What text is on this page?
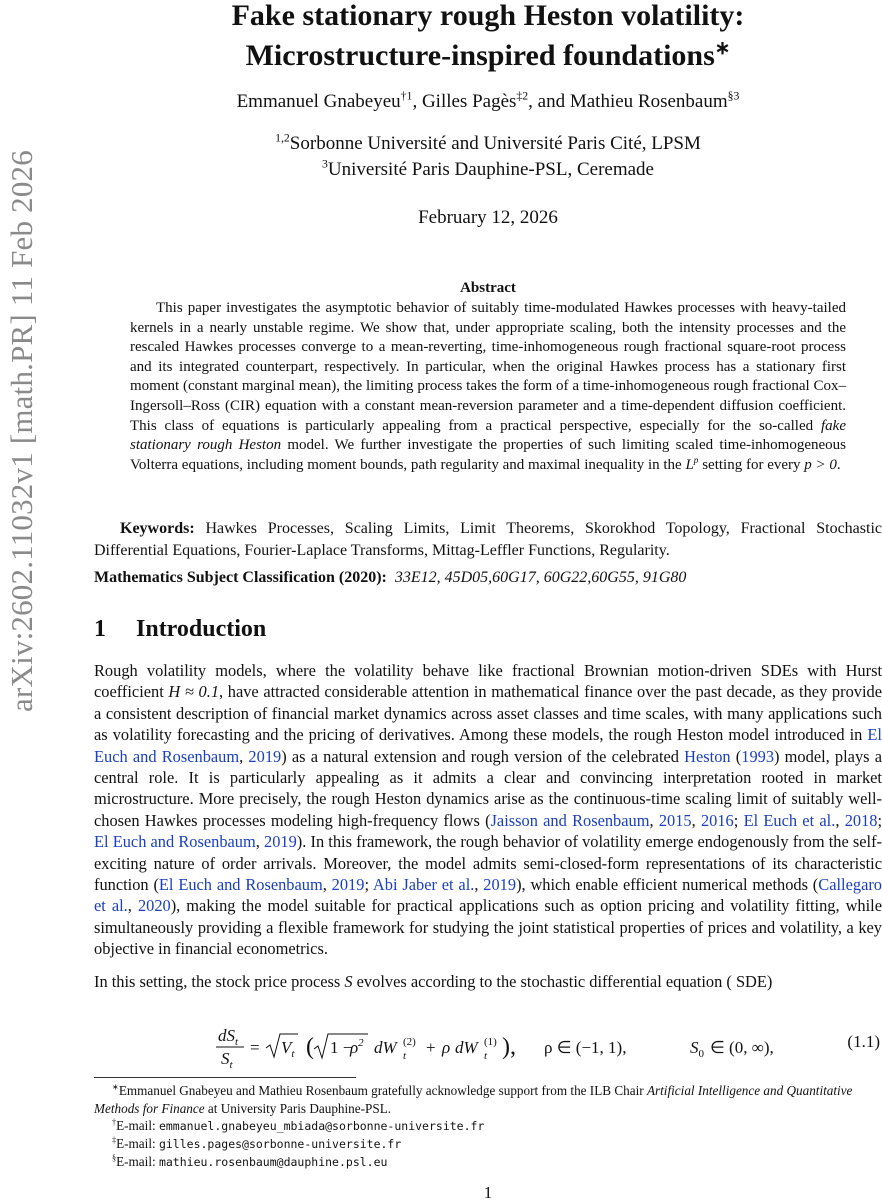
arXiv:2602.11032v1 [math.PR] 11 Feb 2026
Fake stationary rough Heston volatility:
Microstructure-inspired foundations∗
Emmanuel Gnabeyeu$^{\dagger 1}$, Gilles Pagès$^{\ddagger 2}$, and Mathieu Rosenbaum$^{\S 3}$
$^{1,2}$Sorbonne Université and Université Paris Cité, LPSM
$^3$Université Paris Dauphine-PSL, Ceremade
February 12, 2026
Abstract
This paper investigates the asymptotic behavior of suitably time-modulated Hawkes processes with heavy-tailed kernels in a nearly unstable regime. We show that, under appropriate scaling, both the intensity processes and the rescaled Hawkes processes converge to a mean-reverting, time-inhomogeneous rough fractional square-root process and its integrated counterpart, respectively. In particular, when the original Hawkes process has a stationary first moment (constant marginal mean), the limiting process takes the form of a time-inhomogeneous rough fractional Cox–Ingersoll–Ross (CIR) equation with a constant mean-reversion parameter and a time-dependent diffusion coefficient. This class of equations is particularly appealing from a practical perspective, especially for the so-called fake stationary rough Heston model. We further investigate the properties of such limiting scaled time-inhomogeneous Volterra equations, including moment bounds, path regularity and maximal inequality in the $L^p$ setting for every p > 0.
Keywords: Hawkes Processes, Scaling Limits, Limit Theorems, Skorokhod Topology, Fractional Stochastic Differential Equations, Fourier-Laplace Transforms, Mittag-Leffler Functions, Regularity.
Mathematics Subject Classification (2020): 33E12, 45D05,60G17, 60G22,60G55, 91G80
1 Introduction
Rough volatility models, where the volatility behave like fractional Brownian motion-driven SDEs with Hurst coefficient H ≈ 0.1, have attracted considerable attention in mathematical finance over the past decade, as they provide a consistent description of financial market dynamics across asset classes and time scales, with many applications such as volatility forecasting and the pricing of derivatives. Among these models, the rough Heston model introduced in El Euch and Rosenbaum, 2019) as a natural extension and rough version of the celebrated Heston (1993) model, plays a central role. It is particularly appealing as it admits a clear and convincing interpretation rooted in market microstructure. More precisely, the rough Heston dynamics arise as the continuous-time scaling limit of suitably well-chosen Hawkes processes modeling high-frequency flows (Jaisson and Rosenbaum, 2015, 2016; El Euch et al., 2018; El Euch and Rosenbaum, 2019). In this framework, the rough behavior of volatility emerge endogenously from the self-exciting nature of order arrivals. Moreover, the model admits semi-closed-form representations of its characteristic function (El Euch and Rosenbaum, 2019; Abi Jaber et al., 2019), which enable efficient numerical methods (Callegaro et al., 2020), making the model suitable for practical applications such as option pricing and volatility fitting, while simultaneously providing a flexible framework for studying the joint statistical properties of prices and volatility, a key objective in financial econometrics.
In this setting, the stock price process S evolves according to the stochastic differential equation ( SDE)
$dS_t$
$S_t$
= $V_t$ ( 1 −
$\rho^2$ dW (2)
t + ρ dW (1)
t ), ρ ∈ (−1, 1),	$S_0$ ∈ (0, ∞),	(1.1)
∗Emmanuel Gnabeyeu and Mathieu Rosenbaum gratefully acknowledge support from the ILB Chair Artificial Intelligence and Quantitative Methods for Finance at University Paris Dauphine-PSL.
†E-mail: emmanuel.gnabeyeu_mbiada@sorbonne-universite.fr
‡E-mail: gilles.pages@sorbonne-universite.fr
§E-mail: mathieu.rosenbaum@dauphine.psl.eu
1
